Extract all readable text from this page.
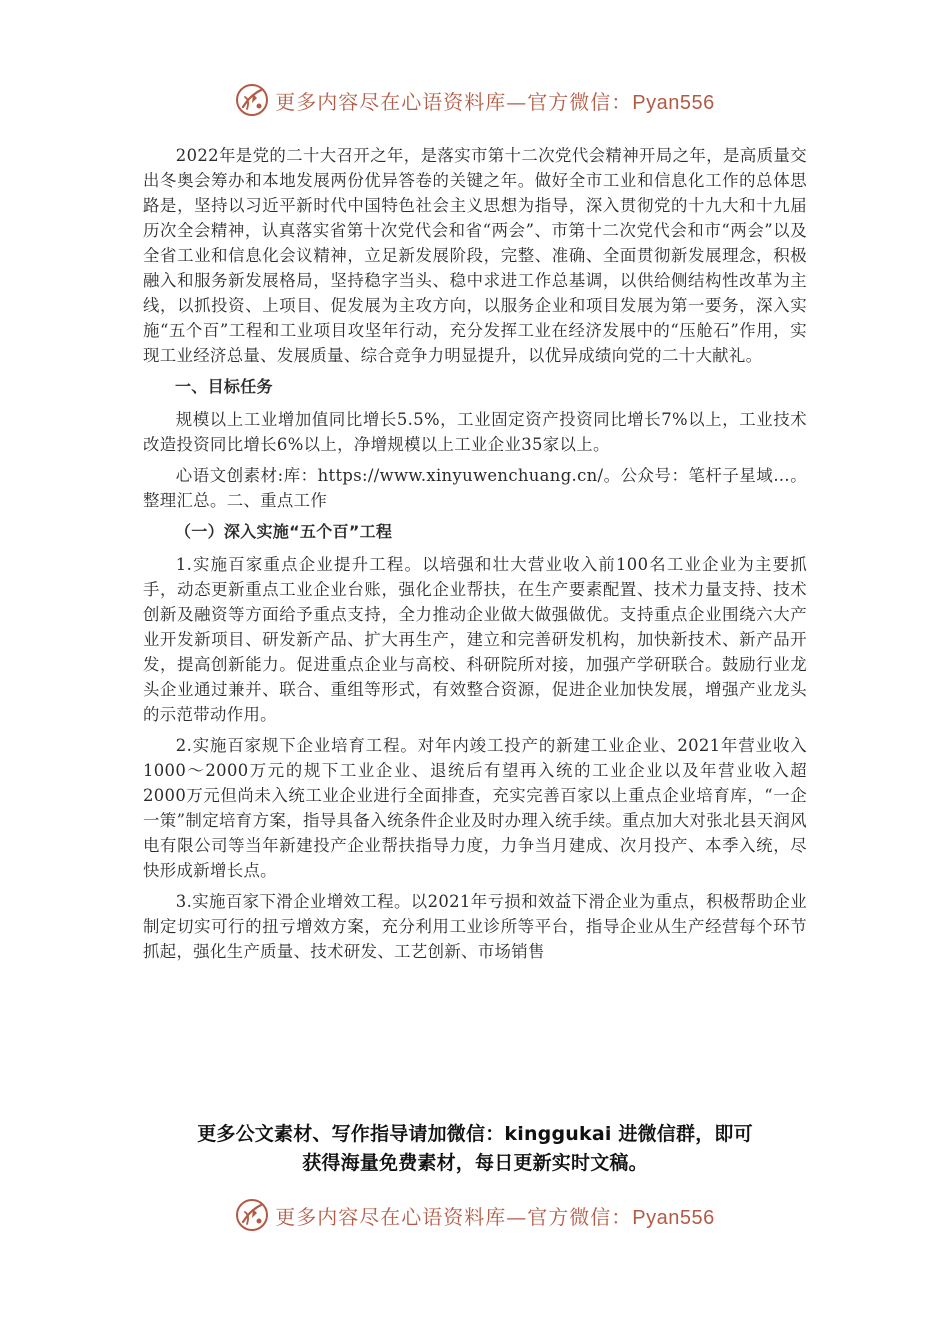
更多内容尽在心语资料库—官方微信：Pyan556

2022年是党的二十大召开之年，是落实市第十二次党代会精神开局之年，是高质量交出冬奥会筹办和本地发展两份优异答卷的关键之年。做好全市工业和信息化工作的总体思路是，坚持以习近平新时代中国特色社会主义思想为指导，深入贯彻党的十九大和十九届历次全会精神，认真落实省第十次党代会和省“两会”、市第十二次党代会和市“两会”以及全省工业和信息化会议精神，立足新发展阶段，完整、准确、全面贯彻新发展理念，积极融入和服务新发展格局，坚持稳字当头、稳中求进工作总基调，以供给侧结构性改革为主线，以抓投资、上项目、促发展为主攻方向，以服务企业和项目发展为第一要务，深入实施“五个百”工程和工业项目攻坚年行动，充分发挥工业在经济发展中的“压舱石”作用，实现工业经济总量、发展质量、综合竞争力明显提升，以优异成绩向党的二十大献礼。

一、目标任务

规模以上工业增加值同比增长5.5%，工业固定资产投资同比增长7%以上，工业技术改造投资同比增长6%以上，净增规模以上工业企业35家以上。

心语文创素材:库：https://www.xinyuwenchuang.cn/。公众号：笔杆子星域…。整理汇总。二、重点工作

（一）深入实施“五个百”工程

1.实施百家重点企业提升工程。以培强和壮大营业收入前100名工业企业为主要抓手，动态更新重点工业企业台账，强化企业帮扶，在生产要素配置、技术力量支持、技术创新及融资等方面给予重点支持，全力推动企业做大做强做优。支持重点企业围绕六大产业开发新项目、研发新产品、扩大再生产，建立和完善研发机构，加快新技术、新产品开发，提高创新能力。促进重点企业与高校、科研院所对接，加强产学研联合。鼓励行业龙头企业通过兼并、联合、重组等形式，有效整合资源，促进企业加快发展，增强产业龙头的示范带动作用。

2.实施百家规下企业培育工程。对年内竣工投产的新建工业企业、2021年营业收入1000～2000万元的规下工业企业、退统后有望再入统的工业企业以及年营业收入超2000万元但尚未入统工业企业进行全面排查，充实完善百家以上重点企业培育库，“一企一策”制定培育方案，指导具备入统条件企业及时办理入统手续。重点加大对张北县天润风电有限公司等当年新建投产企业帮扶指导力度，力争当月建成、次月投产、本季入统，尽快形成新增长点。

3.实施百家下滑企业增效工程。以2021年亏损和效益下滑企业为重点，积极帮助企业制定切实可行的扭亏增效方案，充分利用工业诊所等平台，指导企业从生产经营每个环节抓起，强化生产质量、技术研发、工艺创新、市场销售

更多公文素材、写作指导请加微信：kinggukai 进微信群，即可
获得海量免费素材，每日更新实时文稿。
更多内容尽在心语资料库—官方微信：Pyan556
